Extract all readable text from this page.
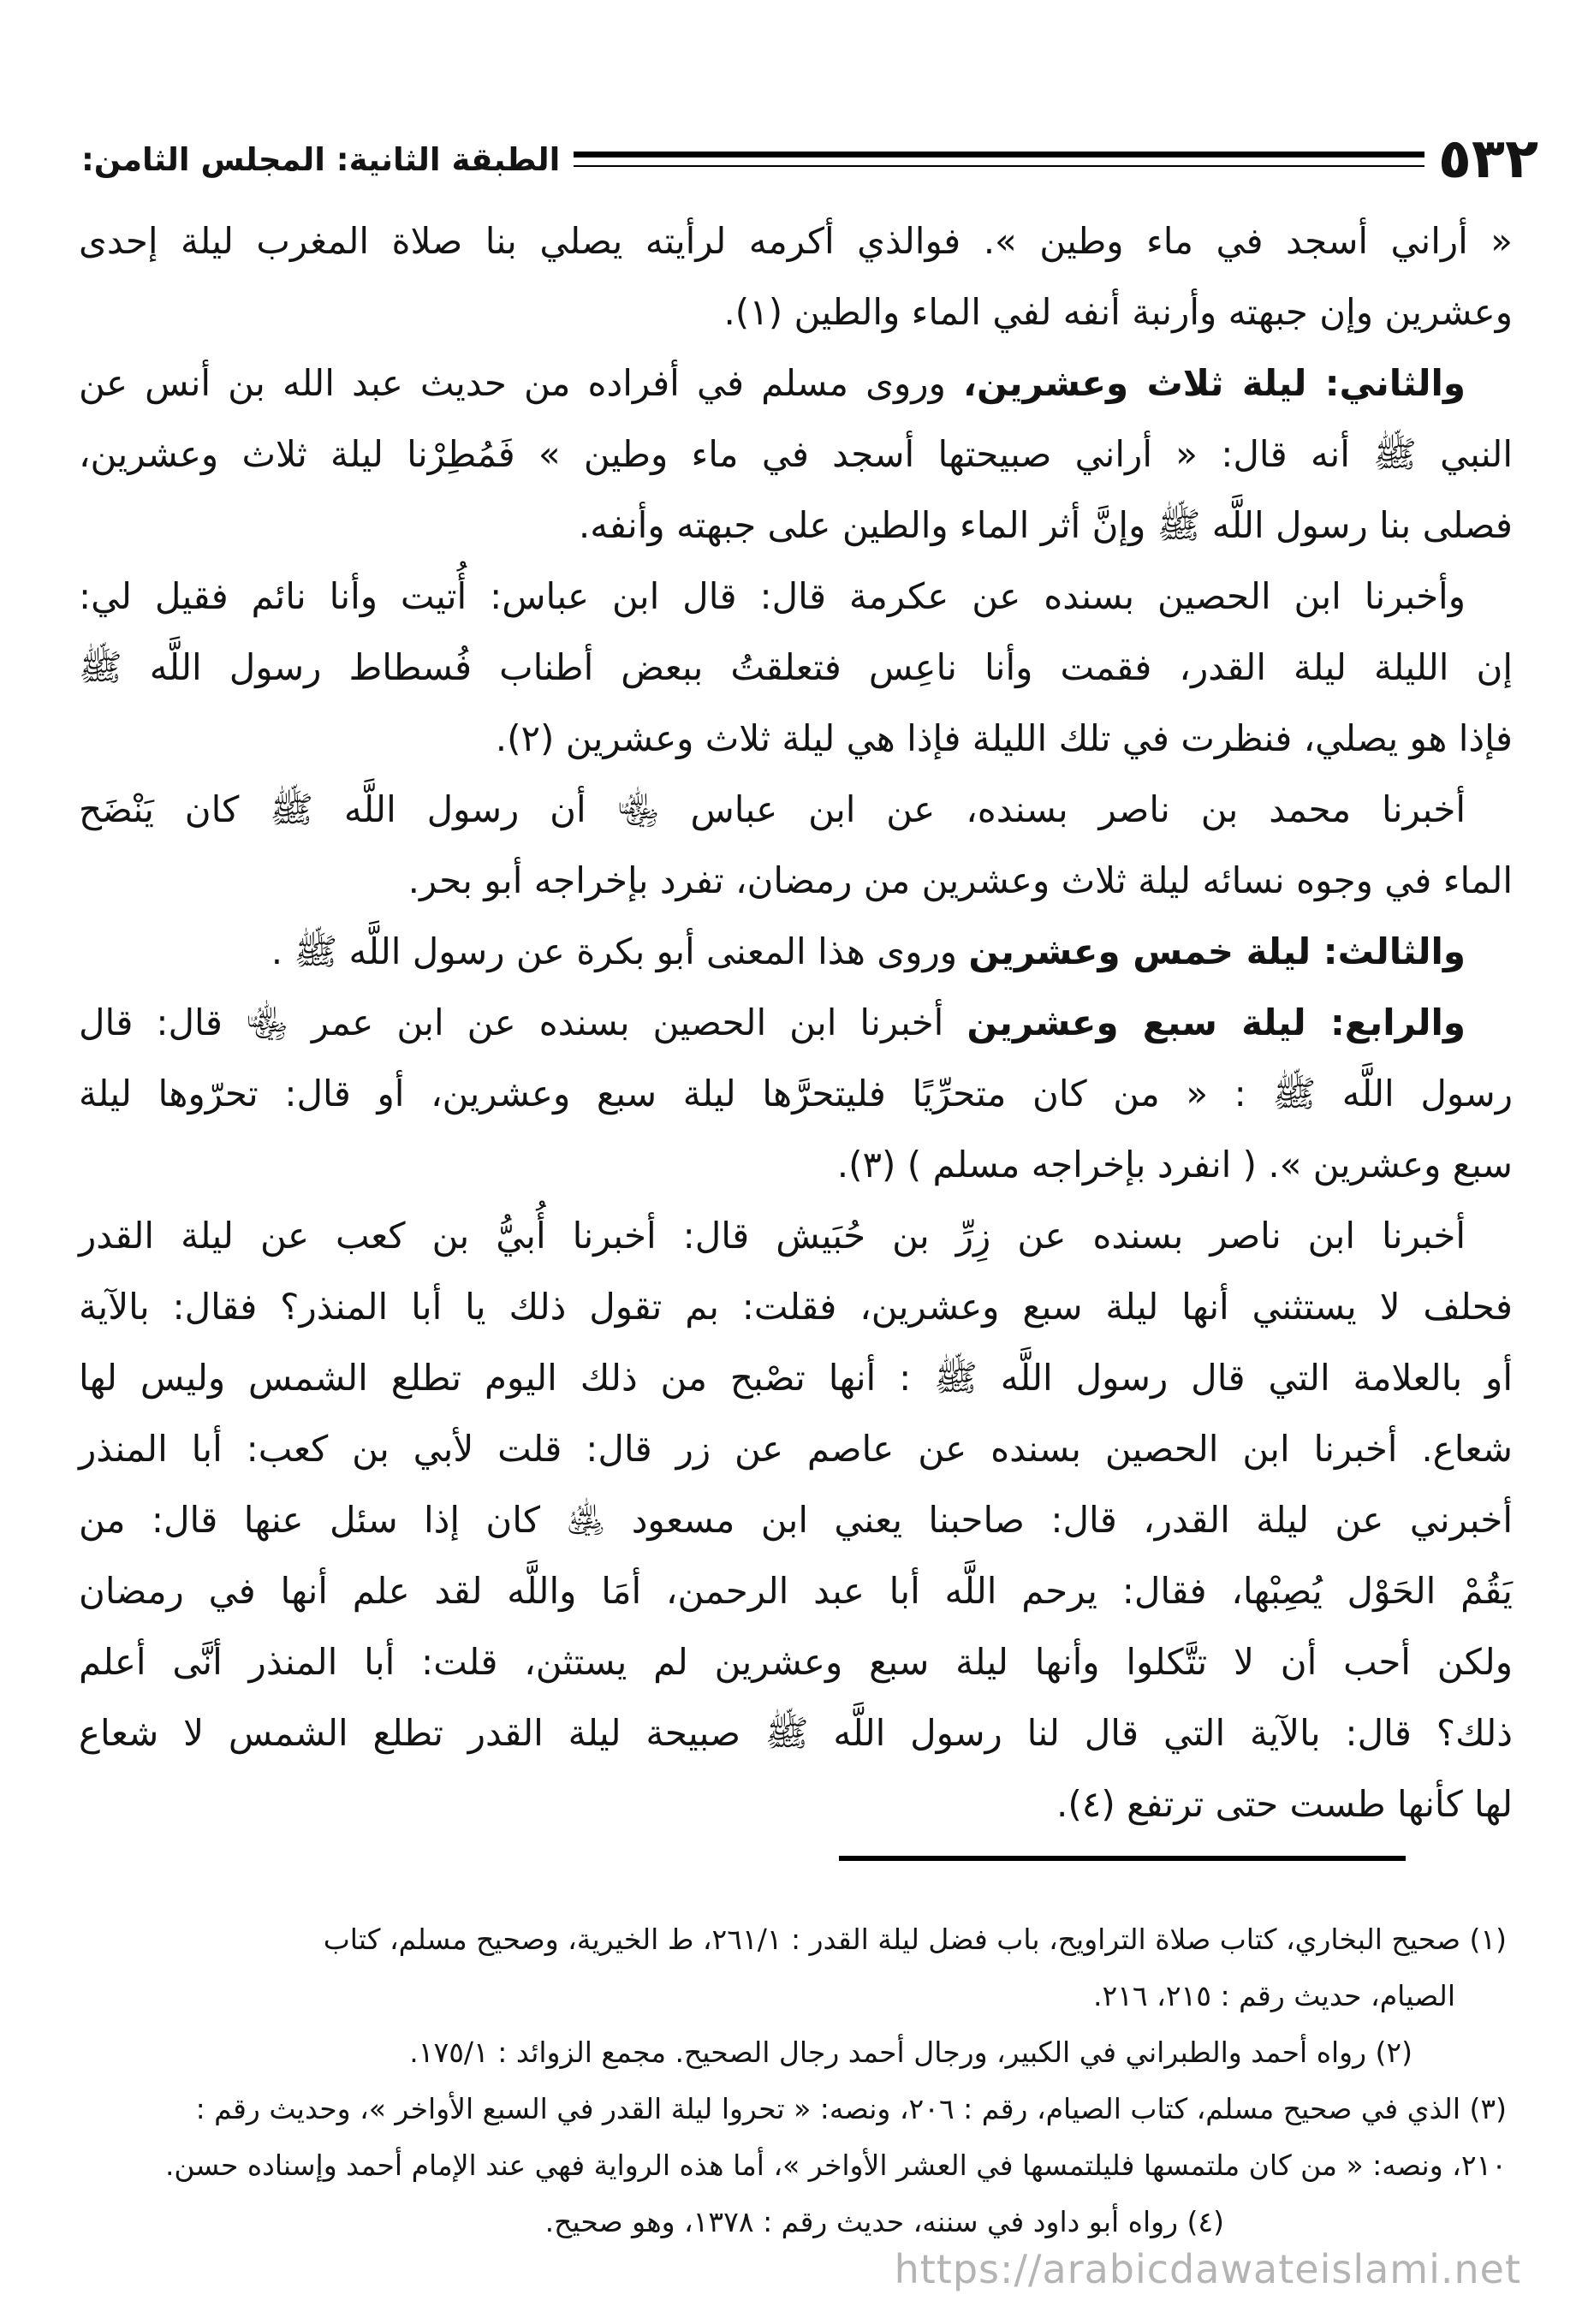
الطبقة الثانية: المجلس الثامن:	٥٣٢
« أراني أسجد في ماء وطين ». فوالذي أكرمه لرأيته يصلي بنا صلاة المغرب ليلة إحدى
وعشرين وإن جبهته وأرنبة أنفه لفي الماء والطين (١).
والثاني: ليلة ثلاث وعشرين، وروى مسلم في أفراده من حديث عبد الله بن أنس عن
النبي ﷺ أنه قال: « أراني صبيحتها أسجد في ماء وطين » فَمُطِرْنا ليلة ثلاث وعشرين،
فصلى بنا رسول اللَّه ﷺ وإنَّ أثر الماء والطين على جبهته وأنفه.
وأخبرنا ابن الحصين بسنده عن عكرمة قال: قال ابن عباس: أُتيت وأنا نائم فقيل لي:
إن الليلة ليلة القدر، فقمت وأنا ناعِس فتعلقتُ ببعض أطناب فُسطاط رسول اللَّه ﷺ
فإذا هو يصلي، فنظرت في تلك الليلة فإذا هي ليلة ثلاث وعشرين (٢).
أخبرنا محمد بن ناصر بسنده، عن ابن عباس ﵄ أن رسول اللَّه ﷺ كان يَنْضَح
الماء في وجوه نسائه ليلة ثلاث وعشرين من رمضان، تفرد بإخراجه أبو بحر.
والثالث: ليلة خمس وعشرين وروى هذا المعنى أبو بكرة عن رسول اللَّه ﷺ .
والرابع: ليلة سبع وعشرين أخبرنا ابن الحصين بسنده عن ابن عمر ﵄ قال: قال
رسول اللَّه ﷺ : « من كان متحرِّيًا فليتحرَّها ليلة سبع وعشرين، أو قال: تحرّوها ليلة
سبع وعشرين ». ( انفرد بإخراجه مسلم ) (٣).
أخبرنا ابن ناصر بسنده عن زِرِّ بن حُبَيش قال: أخبرنا أُبيُّ بن كعب عن ليلة القدر
فحلف لا يستثني أنها ليلة سبع وعشرين، فقلت: بم تقول ذلك يا أبا المنذر؟ فقال: بالآية
أو بالعلامة التي قال رسول اللَّه ﷺ : أنها تصْبح من ذلك اليوم تطلع الشمس وليس لها
شعاع. أخبرنا ابن الحصين بسنده عن عاصم عن زر قال: قلت لأبي بن كعب: أبا المنذر
أخبرني عن ليلة القدر، قال: صاحبنا يعني ابن مسعود ﵁ كان إذا سئل عنها قال: من
يَقُمْ الحَوْل يُصِبْها، فقال: يرحم اللَّه أبا عبد الرحمن، أمَا واللَّه لقد علم أنها في رمضان
ولكن أحب أن لا تتَّكلوا وأنها ليلة سبع وعشرين لم يستثن، قلت: أبا المنذر أنَّى أعلم
ذلك؟ قال: بالآية التي قال لنا رسول اللَّه ﷺ صبيحة ليلة القدر تطلع الشمس لا شعاع
لها كأنها طست حتى ترتفع (٤).
(١) صحيح البخاري، كتاب صلاة التراويح، باب فضل ليلة القدر : ٢٦١/١، ط الخيرية، وصحيح مسلم، كتاب
الصيام، حديث رقم : ٢١٥، ٢١٦.
(٢) رواه أحمد والطبراني في الكبير، ورجال أحمد رجال الصحيح. مجمع الزوائد : ١٧٥/١.
(٣) الذي في صحيح مسلم، كتاب الصيام، رقم : ٢٠٦، ونصه: « تحروا ليلة القدر في السبع الأواخر »، وحديث رقم :
٢١٠، ونصه: « من كان ملتمسها فليلتمسها في العشر الأواخر »، أما هذه الرواية فهي عند الإمام أحمد وإسناده حسن.
(٤) رواه أبو داود في سننه، حديث رقم : ١٣٧٨، وهو صحيح.
https://arabicdawateislami.net
